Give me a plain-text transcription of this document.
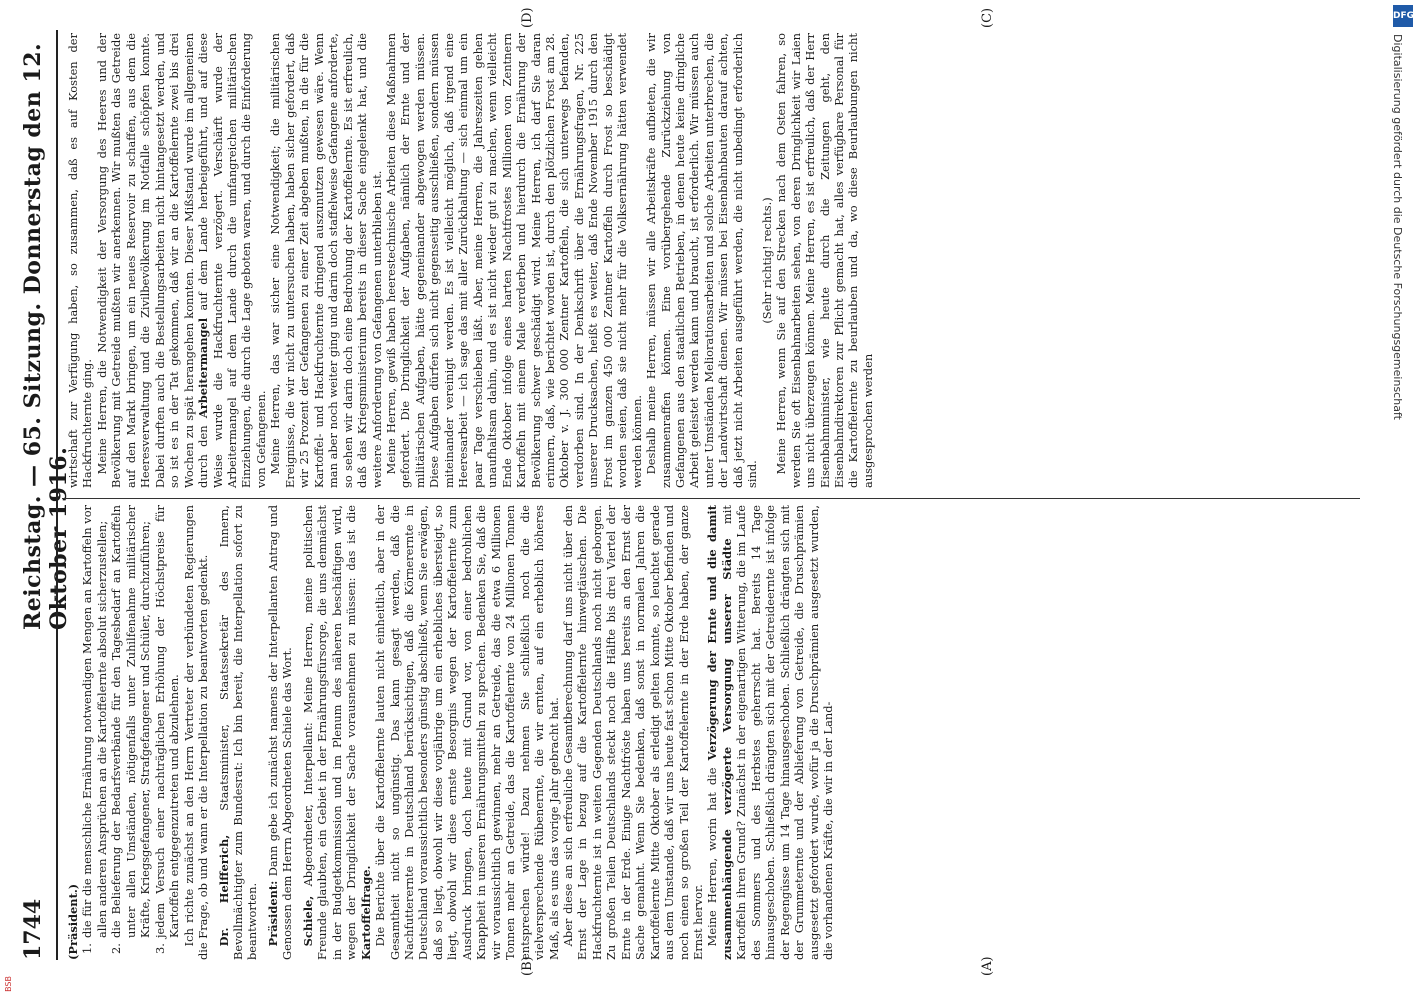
1744
Reichstag. — 65. Sitzung. Donnerstag den 12. Oktober 1916.
(A)
(B)
(C)
(D)

(Präsident.) 1.
die für die menschliche Ernährung notwendigen Mengen an Kartoffeln vor allen anderen Ansprüchen an die Kartoffelernte absolut sicherzustellen;
2.
die Belieferung der Bedarfsverbände für den Tagesbedarf an Kartoffeln unter allen Umständen, nötigenfalls unter Zuhilfenahme militärischer Kräfte, Kriegsgefangener, Strafgefangener und Schüler, durchzuführen;
3.
jedem Versuch einer nachträglichen Erhöhung der Höchstpreise für Kartoffeln entgegenzutreten und abzulehnen. Ich richte zunächst an den Herrn Vertreter der verbündeten Regierungen die Frage, ob und wann er die Interpellation zu beantworten gedenkt. Dr. Helfferich, Staatsminister, Staatssekretär des Innern, Bevollmächtigter zum Bundesrat: Ich bin bereit, die Interpellation sofort zu beantworten. Präsident: Dann gebe ich zunächst namens der Interpellanten Antrag und Genossen dem Herrn Abgeordneten Schiele das Wort. Schiele, Abgeordneter, Interpellant: Meine Herren, meine politischen Freunde glaubten, ein Gebiet in der Ernährungsfürsorge, die uns demnächst in der Budgetkommission und im Plenum des näheren beschäftigen wird, wegen der Dringlichkeit der Sache vorausnehmen zu müssen: das ist die Kartoffelfrage. Die Berichte über die Kartoffelernte lauten nicht einheitlich, aber in der Gesamtheit nicht so ungünstig. Das kann gesagt werden, daß die Nachfutterernte in Deutschland berücksichtigen, daß die Körnerernte in Deutschland voraussichtlich besonders günstig abschließt, wenn Sie erwägen, daß so liegt, obwohl wir diese vorjährige um ein erhebliches übersteigt, so liegt, obwohl wir diese ernste Besorgnis wegen der Kartoffelernte zum Ausdruck bringen, doch heute mit Grund vor, von einer bedrohlichen Knappheit in unseren Ernährungsmitteln zu sprechen. Bedenken Sie, daß die wir voraussichtlich gewinnen, mehr an Getreide, das die etwa 6 Millionen Tonnen mehr an Getreide, das die Kartoffelernte von 24 Millionen Tonnen entsprechen würde! Dazu nehmen Sie schließlich noch die die vielversprechende Rübenernte, die wir ernten, auf ein erheblich höheres Maß, als es uns das vorige Jahr gebracht hat. Aber diese an sich erfreuliche Gesamtberechnung darf uns nicht über den Ernst der Lage in bezug auf die Kartoffelernte hinwegtäuschen. Die Hackfruchternte ist in weiten Gegenden Deutschlands noch nicht geborgen. Zu großen Teilen Deutschlands steckt noch die Hälfte bis drei Viertel der Ernte in der Erde. Einige Nachtfröste haben uns bereits an den Ernst der Sache gemahnt. Wenn Sie bedenken, daß sonst in normalen Jahren die Kartoffelernte Mitte Oktober als erledigt gelten konnte, so leuchtet gerade aus dem Umstande, daß wir uns heute fast schon Mitte Oktober befinden und noch einen so großen Teil der Kartoffelernte in der Erde haben, der ganze Ernst hervor. Meine Herren, worin hat die Verzögerung der Ernte und die damit zusammenhängende verzögerte Versorgung unserer Städte mit Kartoffeln ihren Grund? Zunächst in der eigenartigen Witterung, die im Laufe des Sommers und des Herbstes geherrscht hat. Bereits 14 Tage hinausgeschoben. Schließlich drängten sich mit der Getreideernte ist infolge der Regengüsse um 14 Tage hinausgeschoben. Schließlich drängten sich mit der Grummeternte und der Ablieferung von Getreide, die Druschprämien ausgesetzt gefordert wurde, wofür ja die Druschprämien ausgesetzt wurden, die vorhandenen Kräfte, die wir in der Land-

wirtschaft zur Verfügung haben, so zusammen, daß es auf Kosten der Hackfruchternte ging. Meine Herren, die Notwendigkeit der Versorgung des Heeres und der Bevölkerung mit Getreide mußten wir anerkennen. Wir mußten das Getreide auf den Markt bringen, um ein neues Reservoir zu schaffen, aus dem die Heeresverwaltung und die Zivilbevölkerung im Notfalle schöpfen konnte. Dabei durften auch die Bestellungsarbeiten nicht hintangesetzt werden, und so ist es in der Tat gekommen, daß wir an die Kartoffelernte zwei bis drei Wochen zu spät herangehen konnten. Dieser Mißstand wurde im allgemeinen durch den Arbeitermangel auf dem Lande herbeigeführt, und auf diese Weise wurde die Hackfruchternte verzögert. Verschärft wurde der Arbeitermangel auf dem Lande durch die umfangreichen militärischen Einziehungen, die durch die Lage geboten waren, und durch die Einforderung von Gefangenen. Meine Herren, das war sicher eine Notwendigkeit; die militärischen Ereignisse, die wir nicht zu untersuchen haben, haben sicher gefordert, daß wir 25 Prozent der Gefangenen zu einer Zeit abgeben mußten, in die für die Kartoffel- und Hackfruchternte dringend auszunutzen gewesen wäre. Wenn man aber noch weiter ging und darin doch staffelweise Gefangene anforderte, so sehen wir darin doch eine Bedrohung der Kartoffelernte. Es ist erfreulich, daß das Kriegsministerium bereits in dieser Sache eingelenkt hat, und die weitere Anforderung von Gefangenen unterblieben ist. Meine Herren, gewiß haben heerestechnische Arbeiten diese Maßnahmen gefordert. Die Dringlichkeit der Aufgaben, nämlich der Ernte und der militärischen Aufgaben, hätte gegeneinander abgewogen werden müssen. Diese Aufgaben dürfen sich nicht gegenseitig ausschließen, sondern müssen miteinander vereinigt werden. Es ist vielleicht möglich, daß irgend eine Heeresarbeit — ich sage das mit aller Zurückhaltung — sich einmal um ein paar Tage verschieben läßt. Aber, meine Herren, die Jahreszeiten gehen unaufhaltsam dahin, und es ist nicht wieder gut zu machen, wenn vielleicht Ende Oktober infolge eines harten Nachtfrostes Millionen von Zentnern Kartoffeln mit einem Male verderben und hierdurch die Ernährung der Bevölkerung schwer geschädigt wird. Meine Herren, ich darf Sie daran erinnern, daß, wie berichtet worden ist, durch den plötzlichen Frost am 28. Oktober v. J. 300 000 Zentner Kartoffeln, die sich unterwegs befanden, verdorben sind. In der Denkschrift über die Ernährungsfragen, Nr. 225 unserer Drucksachen, heißt es weiter, daß Ende November 1915 durch den Frost im ganzen 450 000 Zentner Kartoffeln durch Frost so beschädigt worden seien, daß sie nicht mehr für die Volksernährung hätten verwendet werden können. Deshalb meine Herren, müssen wir alle Arbeitskräfte aufbieten, die wir zusammenraffen können. Eine vorübergehende Zurückziehung von Gefangenen aus den staatlichen Betrieben, in denen heute keine dringliche Arbeit geleistet werden kann und braucht, ist erforderlich. Wir müssen auch unter Umständen Meliorationsarbeiten und solche Arbeiten unterbrechen, die der Landwirtschaft dienen. Wir müssen bei Eisenbahnbauten darauf achten, daß jetzt nicht Arbeiten ausgeführt werden, die nicht unbedingt erforderlich sind.

(Sehr richtig! rechts.) Meine Herren, wenn Sie auf den Strecken nach dem Osten fahren, so werden Sie oft Eisenbahnarbeiten sehen, von deren Dringlichkeit wir Laien uns nicht überzeugen können. Meine Herren, es ist erfreulich, daß der Herr Eisenbahnminister, wie heute durch die Zeitungen geht, den Eisenbahndirektoren zur Pflicht gemacht hat, alles verfügbare Personal für die Kartoffelernte zu beurlauben und da, wo diese Beurlaubungen nicht ausgesprochen werden

DFG
Digitalisierung gefördert durch die Deutsche Forschungsgemeinschaft
BSB
